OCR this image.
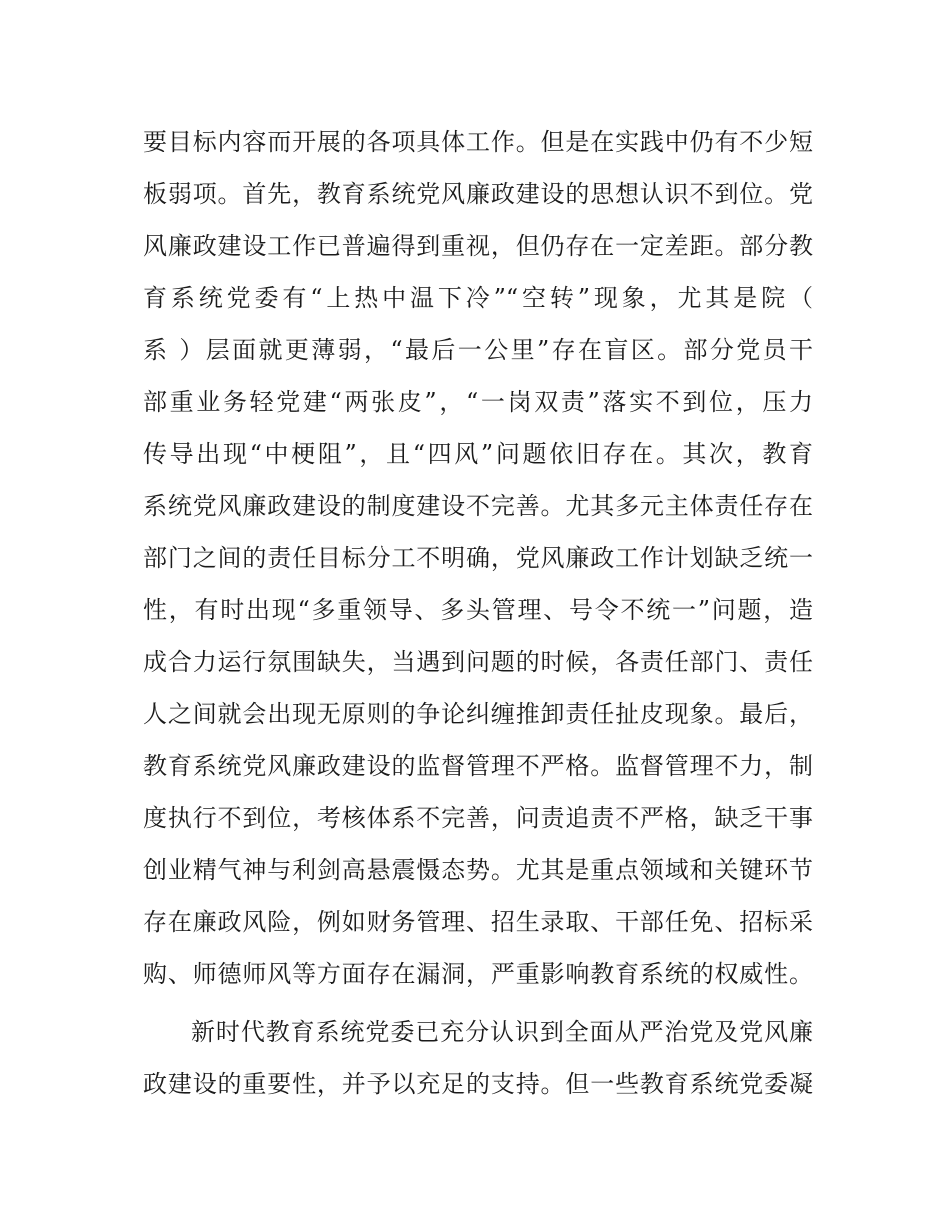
要目标内容而开展的各项具体工作。但是在实践中仍有不少短
板弱项。首先，教育系统党风廉政建设的思想认识不到位。党
风廉政建设工作已普遍得到重视，但仍存在一定差距。部分教
育系统党委有“上热中温下冷”“空转”现象，尤其是院（
系 ）层面就更薄弱，“最后一公里”存在盲区。部分党员干
部重业务轻党建“两张皮”，“一岗双责”落实不到位，压力
传导出现“中梗阻”，且“四风”问题依旧存在。其次，教育
系统党风廉政建设的制度建设不完善。尤其多元主体责任存在
部门之间的责任目标分工不明确，党风廉政工作计划缺乏统一
性，有时出现“多重领导、多头管理、号令不统一”问题，造
成合力运行氛围缺失，当遇到问题的时候，各责任部门、责任
人之间就会出现无原则的争论纠缠推卸责任扯皮现象。最后，
教育系统党风廉政建设的监督管理不严格。监督管理不力，制
度执行不到位，考核体系不完善，问责追责不严格，缺乏干事
创业精气神与利剑高悬震慑态势。尤其是重点领域和关键环节
存在廉政风险，例如财务管理、招生录取、干部任免、招标采
购、师德师风等方面存在漏洞，严重影响教育系统的权威性。
新时代教育系统党委已充分认识到全面从严治党及党风廉
政建设的重要性，并予以充足的支持。但一些教育系统党委凝
